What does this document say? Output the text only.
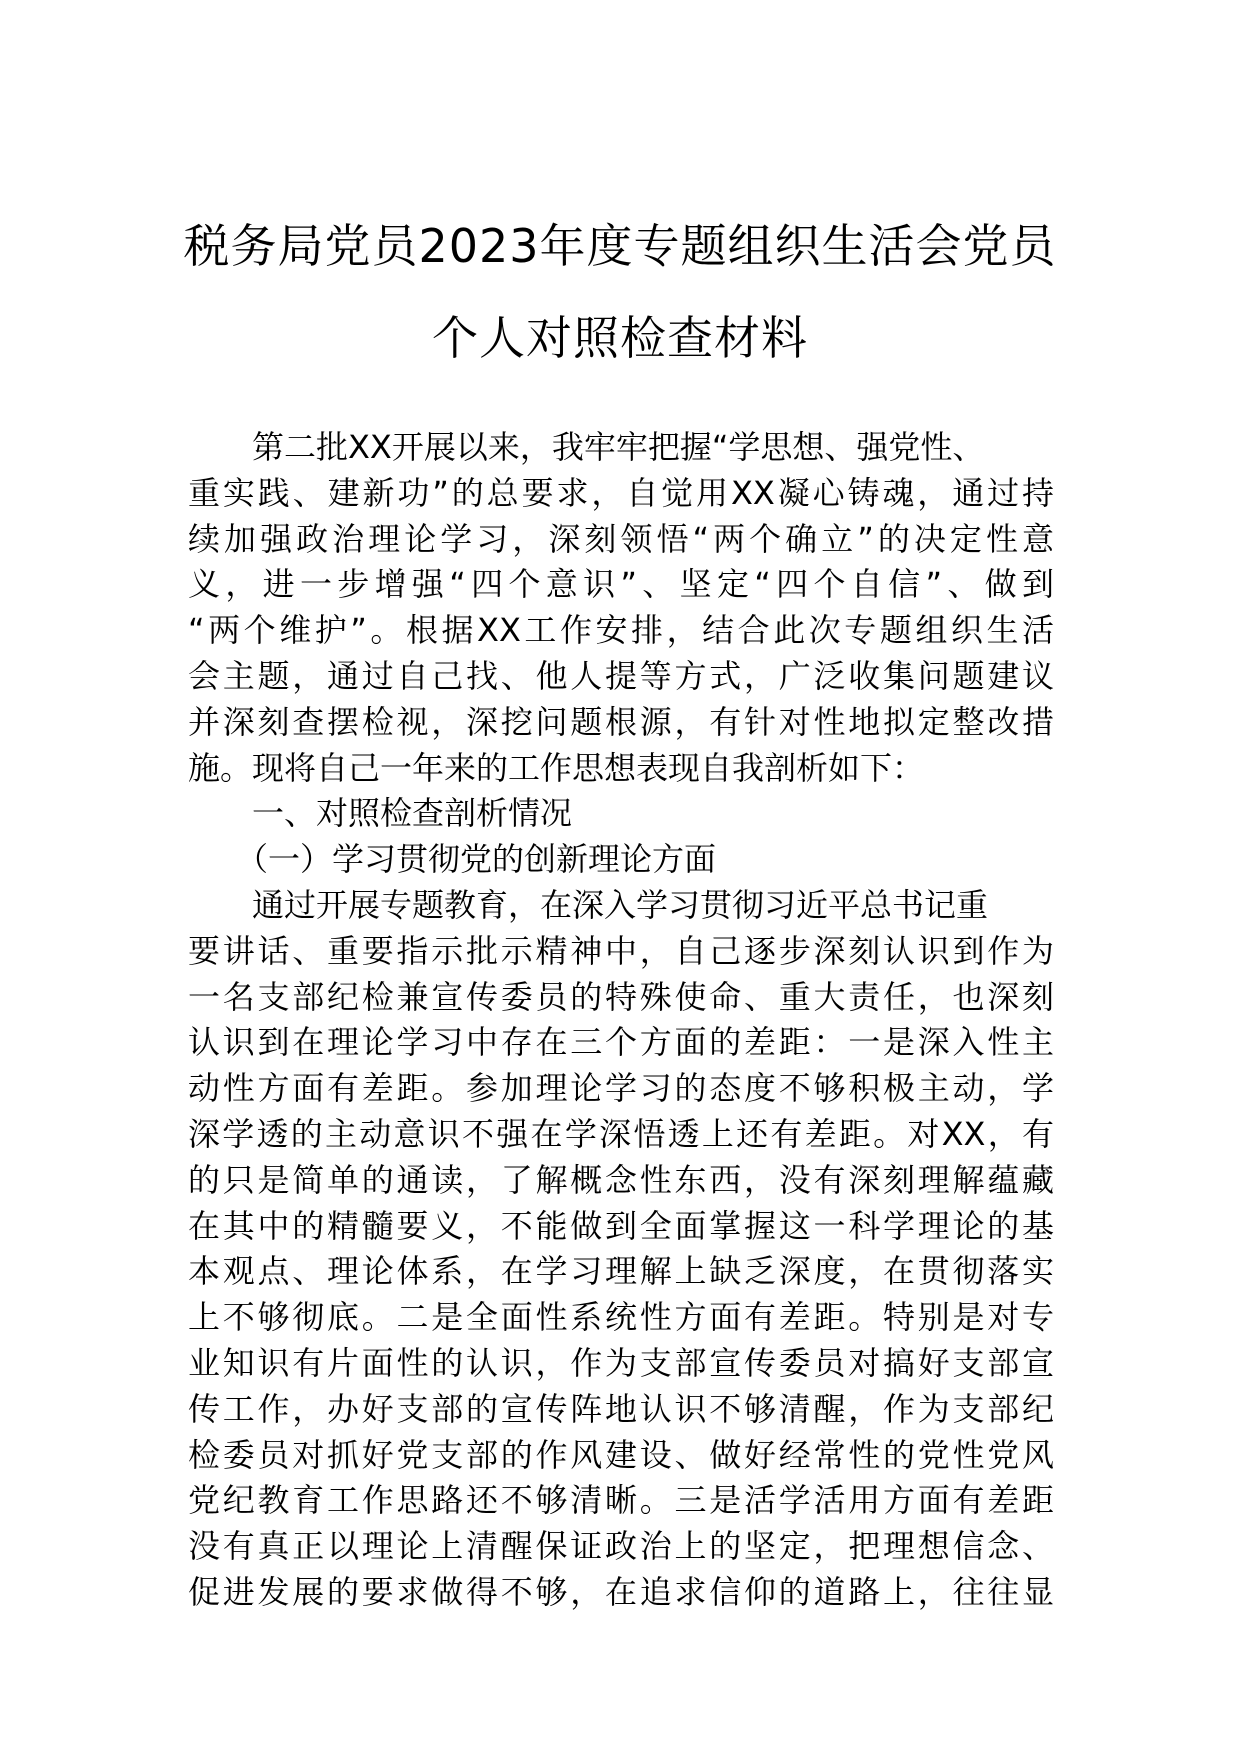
税务局党员2023年度专题组织生活会党员
个人对照检查材料
第二批XX开展以来，我牢牢把握“学思想、强党性、
重实践、建新功”的总要求，自觉用XX凝心铸魂，通过持
续加强政治理论学习，深刻领悟“两个确立”的决定性意
义，进一步增强“四个意识”、坚定“四个自信”、做到
“两个维护”。根据XX工作安排，结合此次专题组织生活
会主题，通过自己找、他人提等方式，广泛收集问题建议
并深刻查摆检视，深挖问题根源，有针对性地拟定整改措
施。现将自己一年来的工作思想表现自我剖析如下：
一、对照检查剖析情况
（一）学习贯彻党的创新理论方面
通过开展专题教育，在深入学习贯彻习近平总书记重
要讲话、重要指示批示精神中，自己逐步深刻认识到作为
一名支部纪检兼宣传委员的特殊使命、重大责任，也深刻
认识到在理论学习中存在三个方面的差距：一是深入性主
动性方面有差距。参加理论学习的态度不够积极主动，学
深学透的主动意识不强在学深悟透上还有差距。对XX，有
的只是简单的通读，了解概念性东西，没有深刻理解蕴藏
在其中的精髓要义，不能做到全面掌握这一科学理论的基
本观点、理论体系，在学习理解上缺乏深度，在贯彻落实
上不够彻底。二是全面性系统性方面有差距。特别是对专
业知识有片面性的认识，作为支部宣传委员对搞好支部宣
传工作，办好支部的宣传阵地认识不够清醒，作为支部纪
检委员对抓好党支部的作风建设、做好经常性的党性党风
党纪教育工作思路还不够清晰。三是活学活用方面有差距
没有真正以理论上清醒保证政治上的坚定，把理想信念、
促进发展的要求做得不够，在追求信仰的道路上，往往显
